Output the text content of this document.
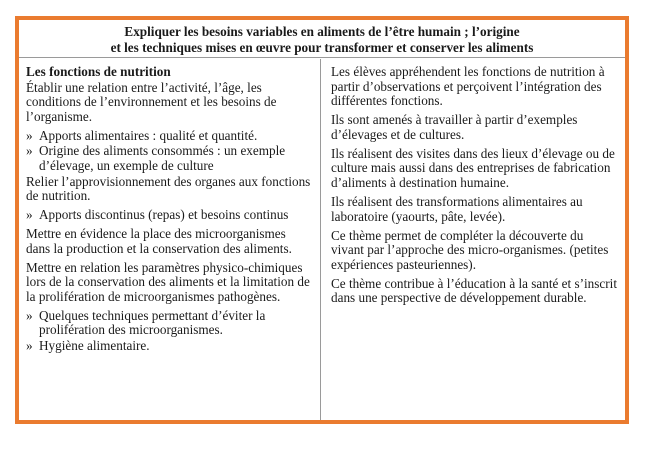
Expliquer les besoins variables en aliments de l’être humain ; l’origine
et les techniques mises en œuvre pour transformer et conserver les aliments

Les fonctions de nutrition

Établir une relation entre l’activité, l’âge, les conditions de l’environnement et les besoins de l’organisme.

» Apports alimentaires : qualité et quantité.

» Origine des aliments consommés : un exemple d’élevage, un exemple de culture

Relier l’approvisionnement des organes aux fonctions de nutrition.

» Apports discontinus (repas) et besoins continus

Mettre en évidence la place des microorganismes dans la production et la conservation des aliments.

Mettre en relation les paramètres physico-chimiques lors de la conservation des aliments et la limitation de la prolifération de microorganismes pathogènes.

» Quelques techniques permettant d’éviter la prolifération des microorganismes.

» Hygiène alimentaire.

Les élèves appréhendent les fonctions de nutrition à partir d’observations et perçoivent l’intégration des différentes fonctions.

Ils sont amenés à travailler à partir d’exemples d’élevages et de cultures.

Ils réalisent des visites dans des lieux d’élevage ou de culture mais aussi dans des entreprises de fabrication d’aliments à destination humaine.

Ils réalisent des transformations alimentaires au laboratoire (yaourts, pâte, levée).

Ce thème permet de compléter la découverte du vivant par l’approche des micro-organismes. (petites expériences pasteuriennes).

Ce thème contribue à l’éducation à la santé et s’inscrit dans une perspective de développement durable.
